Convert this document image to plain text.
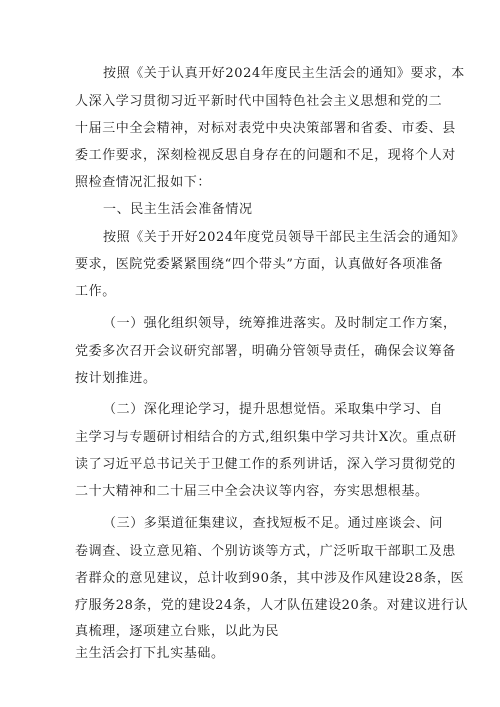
按照《关于认真开好2024年度民主生活会的通知》要求，本
人深入学习贯彻习近平新时代中国特色社会主义思想和党的二
十届三中全会精神，对标对表党中央决策部署和省委、市委、县
委工作要求，深刻检视反思自身存在的问题和不足，现将个人对
照检查情况汇报如下：
一、民主生活会准备情况
按照《关于开好2024年度党员领导干部民主生活会的通知》
要求，医院党委紧紧围绕“四个带头”方面，认真做好各项准备
工作。
（一）强化组织领导，统筹推进落实。及时制定工作方案，
党委多次召开会议研究部署，明确分管领导责任，确保会议筹备
按计划推进。
（二）深化理论学习，提升思想觉悟。采取集中学习、自
主学习与专题研讨相结合的方式,组织集中学习共计X次。重点研
读了习近平总书记关于卫健工作的系列讲话，深入学习贯彻党的
二十大精神和二十届三中全会决议等内容，夯实思想根基。
（三）多渠道征集建议，查找短板不足。通过座谈会、问
卷调查、设立意见箱、个别访谈等方式，广泛听取干部职工及患
者群众的意见建议，总计收到90条，其中涉及作风建设28条，医
疗服务28条，党的建设24条，人才队伍建设20条。对建议进行认
真梳理，逐项建立台账，以此为民
主生活会打下扎实基础。
